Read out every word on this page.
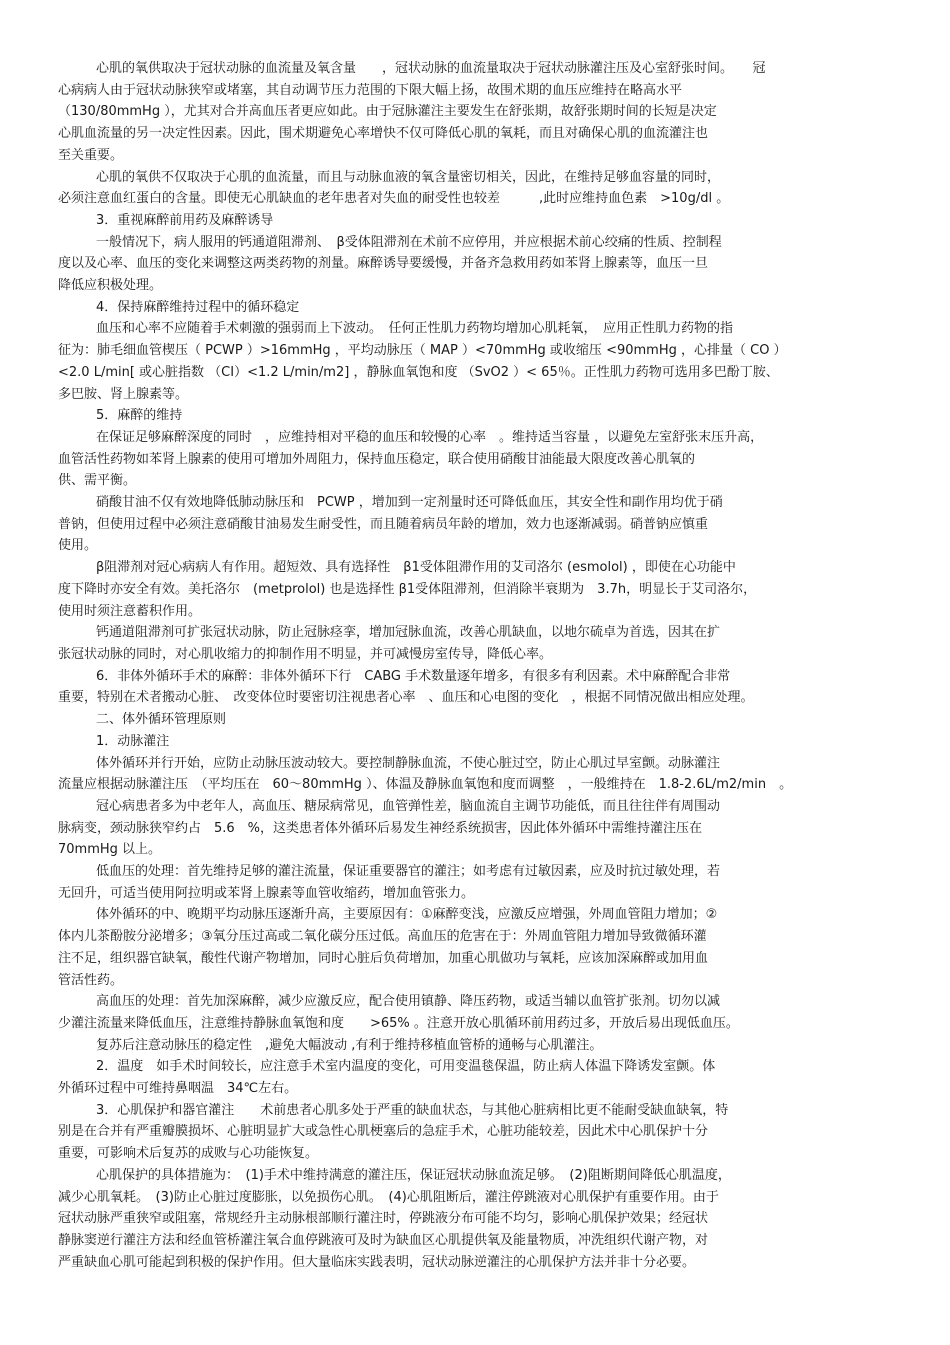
心肌的氧供取决于冠状动脉的血流量及氧含量　　，冠状动脉的血流量取决于冠状动脉灌注压及心室舒张时间。　　冠
心病病人由于冠状动脉狭窄或堵塞，其自动调节压力范围的下限大幅上扬，故围术期的血压应维持在略高水平
（130/80mmHg ），尤其对合并高血压者更应如此。由于冠脉灌注主要发生在舒张期，故舒张期时间的长短是决定
心肌血流量的另一决定性因素。因此，围术期避免心率增快不仅可降低心肌的氧耗，而且对确保心肌的血流灌注也
至关重要。
心肌的氧供不仅取决于心肌的血流量，而且与动脉血液的氧含量密切相关，因此，在维持足够血容量的同时，
必须注意血红蛋白的含量。即使无心肌缺血的老年患者对失血的耐受性也较差　　　,此时应维持血色素　>10g/dl 。
3．重视麻醉前用药及麻醉诱导
一般情况下，病人服用的钙通道阻滞剂、　β受体阻滞剂在术前不应停用，并应根据术前心绞痛的性质、控制程
度以及心率、血压的变化来调整这两类药物的剂量。麻醉诱导要缓慢，并备齐急救用药如苯肾上腺素等，血压一旦
降低应积极处理。
4．保持麻醉维持过程中的循环稳定
血压和心率不应随着手术刺激的强弱而上下波动。　任何正性肌力药物均增加心肌耗氧，　应用正性肌力药物的指
征为：肺毛细血管楔压（ PCWP ）>16mmHg ，平均动脉压（ MAP ）<70mmHg 或收缩压 <90mmHg ，心排量（ CO ）
<2.0 L/min[ 或心脏指数 （CI）<1.2 L/min/m2] ，静脉血氧饱和度 （SvO2 ）< 65％。正性肌力药物可选用多巴酚丁胺、
多巴胺、肾上腺素等。
5．麻醉的维持
在保证足够麻醉深度的同时　，应维持相对平稳的血压和较慢的心率　。维持适当容量 ，以避免左室舒张末压升高，
血管活性药物如苯肾上腺素的使用可增加外周阻力，保持血压稳定，联合使用硝酸甘油能最大限度改善心肌氧的
供、需平衡。
硝酸甘油不仅有效地降低肺动脉压和　PCWP ，增加到一定剂量时还可降低血压，其安全性和副作用均优于硝
普钠，但使用过程中必须注意硝酸甘油易发生耐受性，而且随着病员年龄的增加，效力也逐渐减弱。硝普钠应慎重
使用。
β阻滞剂对冠心病病人有作用。超短效、具有选择性　β1受体阻滞作用的艾司洛尔 (esmolol) ，即使在心功能中
度下降时亦安全有效。美托洛尔　(metprolol) 也是选择性 β1受体阻滞剂，但消除半衰期为　3.7h，明显长于艾司洛尔，
使用时须注意蓄积作用。
钙通道阻滞剂可扩张冠状动脉，防止冠脉痉挛，增加冠脉血流，改善心肌缺血，以地尔硫卓为首选，因其在扩
张冠状动脉的同时，对心肌收缩力的抑制作用不明显，并可减慢房室传导，降低心率。
6．非体外循环手术的麻醉：非体外循环下行　CABG 手术数量逐年增多，有很多有利因素。术中麻醉配合非常
重要，特别在术者搬动心脏、　改变体位时要密切注视患者心率　、血压和心电图的变化　，根据不同情况做出相应处理。
二、体外循环管理原则
1．动脉灌注
体外循环并行开始，应防止动脉压波动较大。要控制静脉血流，不使心脏过空，防止心肌过早室颤。动脉灌注
流量应根据动脉灌注压　（平均压在　60～80mmHg ）、体温及静脉血氧饱和度而调整　，一般维持在　1.8-2.6L/m2/min　。
冠心病患者多为中老年人，高血压、糖尿病常见，血管弹性差，脑血流自主调节功能低，而且往往伴有周围动
脉病变，颈动脉狭窄约占　5.6　%，这类患者体外循环后易发生神经系统损害，因此体外循环中需维持灌注压在
70mmHg 以上。
低血压的处理：首先维持足够的灌注流量，保证重要器官的灌注；如考虑有过敏因素，应及时抗过敏处理，若
无回升，可适当使用阿拉明或苯肾上腺素等血管收缩药，增加血管张力。
体外循环的中、晚期平均动脉压逐渐升高，主要原因有：①麻醉变浅，应激反应增强，外周血管阻力增加；②
体内儿茶酚胺分泌增多；③氧分压过高或二氧化碳分压过低。高血压的危害在于：外周血管阻力增加导致微循环灌
注不足，组织器官缺氧，酸性代谢产物增加，同时心脏后负荷增加，加重心肌做功与氧耗，应该加深麻醉或加用血
管活性药。
高血压的处理：首先加深麻醉，减少应激反应，配合使用镇静、降压药物，或适当辅以血管扩张剂。切勿以减
少灌注流量来降低血压，注意维持静脉血氧饱和度　　>65% 。注意开放心肌循环前用药过多，开放后易出现低血压。
复苏后注意动脉压的稳定性　,避免大幅波动 ,有利于维持移植血管桥的通畅与心肌灌注。
2．温度　如手术时间较长，应注意手术室内温度的变化，可用变温毯保温，防止病人体温下降诱发室颤。体
外循环过程中可维持鼻咽温　34℃左右。
3．心肌保护和器官灌注　　术前患者心肌多处于严重的缺血状态，与其他心脏病相比更不能耐受缺血缺氧，特
别是在合并有严重瓣膜损坏、心脏明显扩大或急性心肌梗塞后的急症手术，心脏功能较差，因此术中心肌保护十分
重要，可影响术后复苏的成败与心功能恢复。
心肌保护的具体措施为：　(1)手术中维持满意的灌注压，保证冠状动脉血流足够。　(2)阻断期间降低心肌温度，
减少心肌氧耗。　(3)防止心脏过度膨胀，以免损伤心肌。　(4)心肌阻断后，灌注停跳液对心肌保护有重要作用。由于
冠状动脉严重狭窄或阻塞，常规经升主动脉根部顺行灌注时，停跳液分布可能不均匀，影响心肌保护效果；经冠状
静脉窦逆行灌注方法和经血管桥灌注氧合血停跳液可及时为缺血区心肌提供氧及能量物质，冲洗组织代谢产物，对
严重缺血心肌可能起到积极的保护作用。但大量临床实践表明，冠状动脉逆灌注的心肌保护方法并非十分必要。
